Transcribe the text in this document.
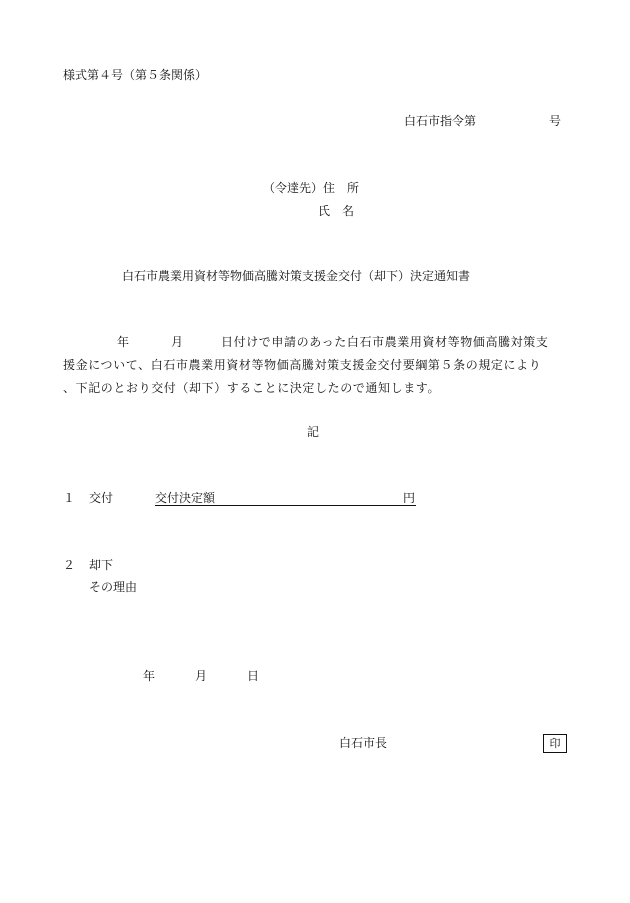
様式第４号（第５条関係）
白石市指令第	号
（令達先）住　所
氏　名
白石市農業用資材等物価高騰対策支援金交付（却下）決定通知書
年	月	日付けで申請のあった白石市農業用資材等物価高騰対策支
援金について、白石市農業用資材等物価高騰対策支援金交付要綱第５条の規定により
、下記のとおり交付（却下）することに決定したので通知します。
記
１ 交付	交付決定額	円
２ 却下
その理由
年	月	日
白石市長	印
